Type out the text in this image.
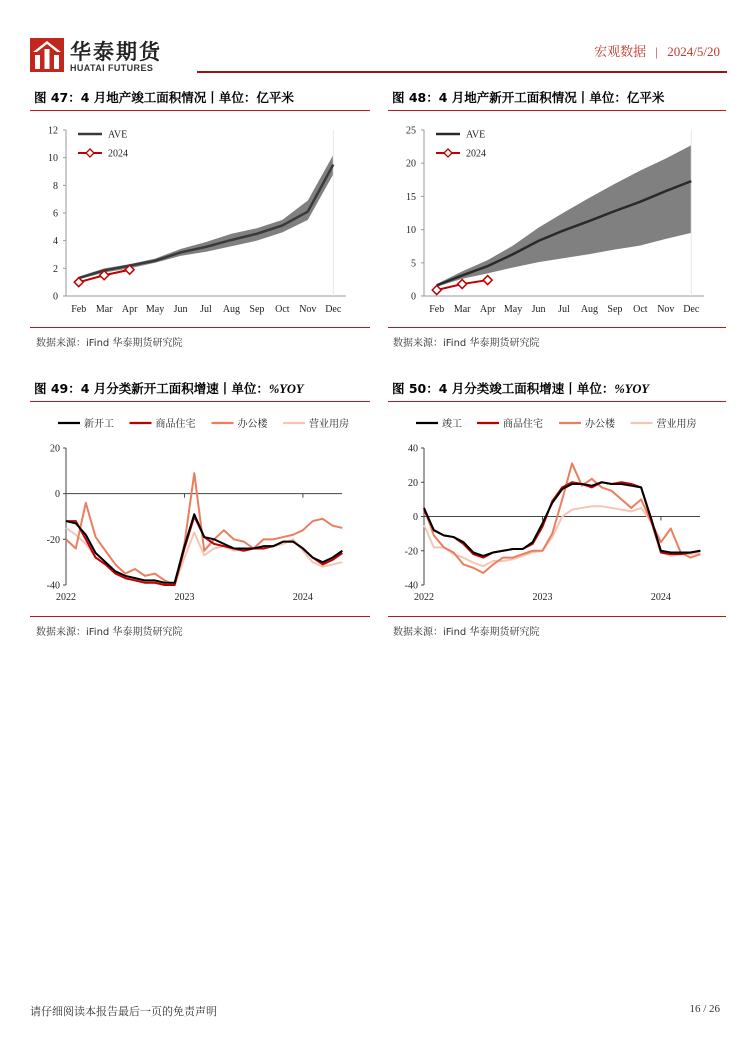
华泰期货
HUATAI FUTURES
宏观数据 | 2024/5/20
图 47：4 月地产竣工面积情况丨单位：亿平米
0
2
4
6
8
10
12
Feb Mar Apr May Jun Jul Aug Sep Oct Nov Dec
AVE
2024
数据来源：iFind 华泰期货研究院
图 48：4 月地产新开工面积情况丨单位：亿平米
0
5
10
15
20
25
Feb Mar Apr May Jun Jul Aug Sep Oct Nov Dec
AVE
2024
数据来源：iFind 华泰期货研究院
图 49：4 月分类新开工面积增速丨单位：%YOY
-40
-20
0
20
2022	2023	2024
新开工	商品住宅	办公楼	营业用房
数据来源：iFind 华泰期货研究院
图 50：4 月分类竣工面积增速丨单位：%YOY
-40
-20
0
20
40
2022	2023	2024
竣工	商品住宅	办公楼	营业用房
数据来源：iFind 华泰期货研究院
请仔细阅读本报告最后一页的免责声明	16 / 26
